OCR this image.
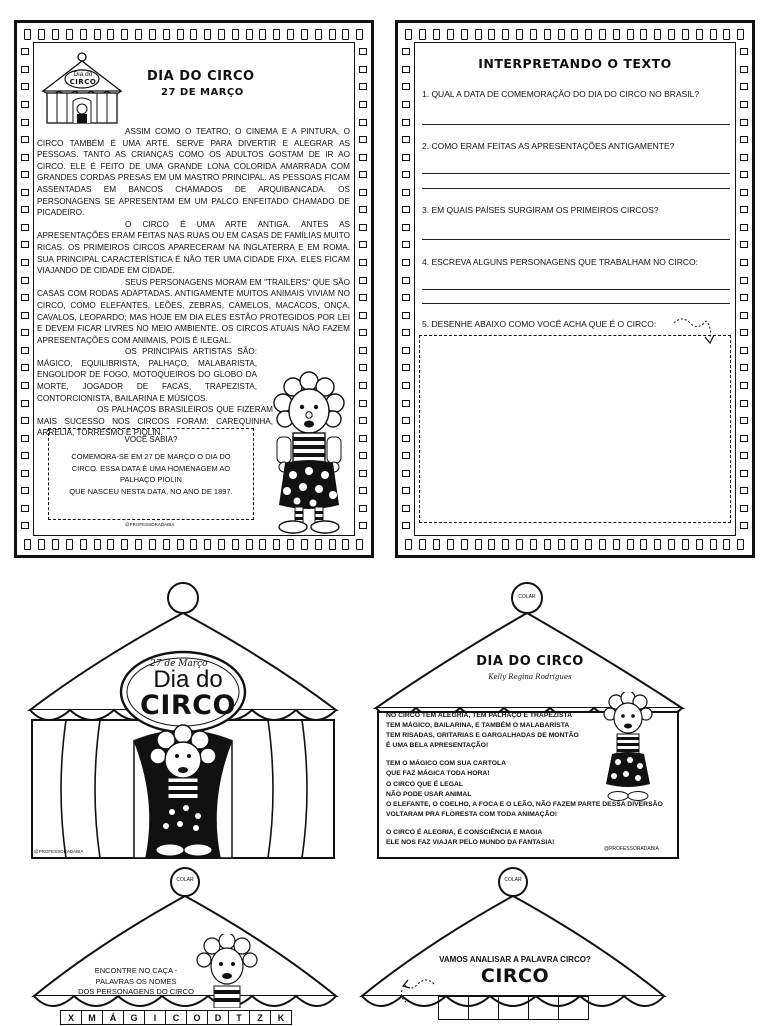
Dia do
CIRCO	DIA DO CIRCO
27 DE MARÇO
ASSIM COMO O TEATRO, O CINEMA E A PINTURA, O CIRCO TAMBÉM É UMA ARTE. SERVE PARA DIVERTIR E ALEGRAR AS PESSOAS. TANTO AS CRIANÇAS COMO OS ADULTOS GOSTAM DE IR AO CIRCO. ELE É FEITO DE UMA GRANDE LONA COLORIDA AMARRADA COM GRANDES CORDAS PRESAS EM UM MASTRO PRINCIPAL. AS PESSOAS FICAM ASSENTADAS EM BANCOS CHAMADOS DE ARQUIBANCADA. OS PERSONAGENS SE APRESENTAM EM UM PALCO ENFEITADO CHAMADO DE PICADEIRO.
O CIRCO É UMA ARTE ANTIGA. ANTES AS APRESENTAÇÕES ERAM FEITAS NAS RUAS OU EM CASAS DE FAMÍLIAS MUITO RICAS. OS PRIMEIROS CIRCOS APARECERAM NA INGLATERRA E EM ROMA. SUA PRINCIPAL CARACTERÍSTICA É NÃO TER UMA CIDADE FIXA. ELES FICAM VIAJANDO DE CIDADE EM CIDADE.
SEUS PERSONAGENS MORAM EM "TRAILERS" QUE SÃO CASAS COM RODAS ADAPTADAS. ANTIGAMENTE MUITOS ANIMAIS VIVIAM NO CIRCO, COMO ELEFANTES, LEÕES, ZEBRAS, CAMELOS, MACACOS, ONÇA, CAVALOS, LEOPARDO; MAS HOJE EM DIA ELES ESTÃO PROTEGIDOS POR LEI E DEVEM FICAR LIVRES NO MEIO AMBIENTE. OS CIRCOS ATUAIS NÃO FAZEM APRESENTAÇÕES COM ANIMAIS, POIS É ILEGAL.
OS PRINCIPAIS ARTISTAS SÃO: MÁGICO, EQUILIBRISTA, PALHAÇO, MALABARISTA, ENGOLIDOR DE FOGO, MOTOQUEIROS DO GLOBO DA MORTE, JOGADOR DE FACAS, TRAPEZISTA, CONTORCIONISTA, BAILARINA E MÚSICOS.
OS PALHAÇOS BRASILEIROS QUE FIZERAM MAIS SUCESSO NOS CIRCOS FORAM: CAREQUINHA, ARRELIA, TORRESMO E PIOLIN.
VOCÊ SABIA?
COMEMORA-SE EM 27 DE MARÇO O DIA DO
CIRCO. ESSA DATA É UMA HOMENAGEM AO
PALHAÇO PIOLIN
QUE NASCEU NESTA DATA, NO ANO DE 1897.
@PROFESSORADABIA
INTERPRETANDO O TEXTO
1. QUAL A DATA DE COMEMORAÇÃO DO DIA DO CIRCO NO BRASIL?
2. COMO ERAM FEITAS AS APRESENTAÇÕES ANTIGAMENTE?
3. EM QUAIS PAÍSES SURGIRAM OS PRIMEIROS CIRCOS?
4. ESCREVA ALGUNS PERSONAGENS QUE TRABALHAM NO CIRCO:
5. DESENHE ABAIXO COMO VOCÊ ACHA QUE É O CIRCO:
27 de Março
Dia do
CIRCO
@PROFESSORADABIA
COLAR
DIA DO CIRCO
Kelly Regina Rodrigues
NO CIRCO TEM ALEGRIA, TEM PALHAÇO E TRAPEZISTA
TEM MÁGICO, BAILARINA, E TAMBÉM O MALABARISTA
TEM RISADAS, GRITARIAS E GARGALHADAS DE MONTÃO
É UMA BELA APRESENTAÇÃO!
TEM O MÁGICO COM SUA CARTOLA
QUE FAZ MÁGICA TODA HORA!
O CIRCO QUE É LEGAL
NÃO PODE USAR ANIMAL
O ELEFANTE, O COELHO, A FOCA E O LEÃO, NÃO FAZEM PARTE DESSA DIVERSÃO
VOLTARAM PRA FLORESTA COM TODA ANIMAÇÃO!
O CIRCO É ALEGRIA, É CONSCIÊNCIA E MAGIA
ELE NOS FAZ VIAJAR PELO MUNDO DA FANTASIA!
@PROFESSORADABIA
COLAR
ENCONTRE NO CAÇA -
PALAVRAS OS NOMES
DOS PERSONAGENS DO CIRCO
X M Á G I C O D T Z K
COLAR
VAMOS ANALISAR A PALAVRA CIRCO?
CIRCO
